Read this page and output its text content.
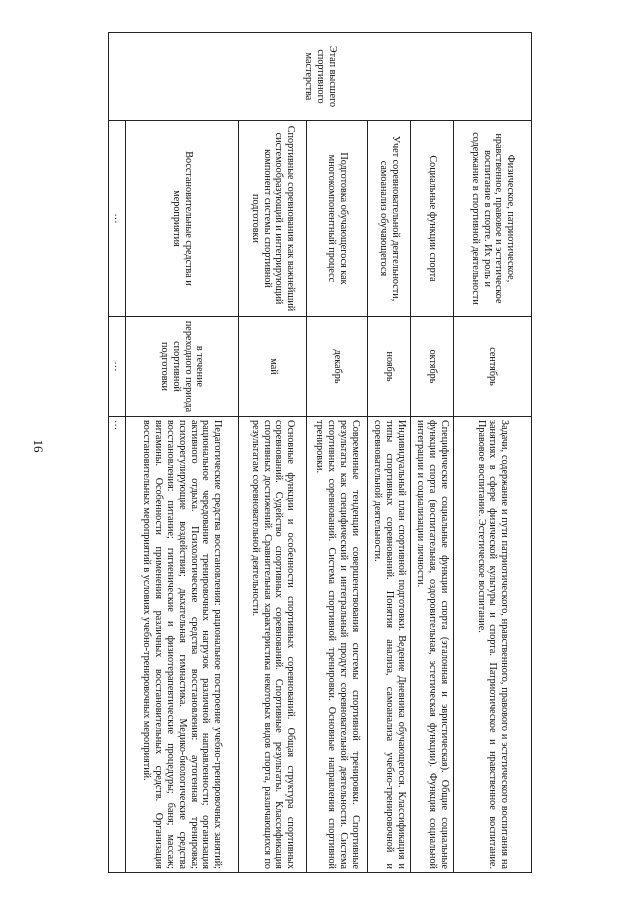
16
Этап высшего спортивного мастерства	Физическое, патриотическое, нравственное, правовое и эстетическое воспитание в спорте. Их роль и содержание в спортивной деятельности	сентябрь	Задачи, содержание и пути патриотического, нравственного, правового и эстетического воспитания на занятиях в сфере физической культуры и спорта. Патриотическое и нравственное воспитание. Правовое воспитание. Эстетическое воспитание.
	Социальные функции спорта	октябрь	Специфические социальные функции спорта (эталонная и эвристическая). Общие социальные функции спорта (воспитательная, оздоровительная, эстетическая функции). Функция социальной интеграции и социализации личности.
	Учет соревновательной деятельности, самоанализ обучающегося	ноябрь	Индивидуальный план спортивной подготовки. Ведение Дневника обучающегося. Классификация и типы спортивных соревнований. Понятия анализа, самоанализа учебно-тренировочной и соревновательной деятельности.
	Подготовка обучающегося как многокомпонентный процесс	декабрь	Современные тенденции совершенствования системы спортивной тренировки. Спортивные результаты как специфический и интегральный продукт соревновательной деятельности. Система спортивных соревнований. Система спортивной тренировки. Основные направления спортивной тренировки.
	Спортивные соревнования как важнейший системообразующий и интегрирующий компонент системы спортивной подготовки	май	Основные функции и особенности спортивных соревнований. Общая структура спортивных соревнований. Судейство спортивных соревнований. Спортивные результаты. Классификация спортивных достижений. Сравнительная характеристика некоторых видов спорта, различающихся по результатам соревновательной деятельности.
	Восстановительные средства и мероприятия	в течение переходного периода спортивной подготовки	Педагогические средства восстановления: рациональное построение учебно-тренировочных занятий; рациональное чередование тренировочных нагрузок различной направленности; организация активного отдыха. Психологические средства восстановления: аутогенная тренировка; психорегулирующие воздействия; дыхательная гимнастика. Медико-биологические средства восстановления: питание; гигиенические и физиотерапевтические процедуры; баня; массаж; витамины. Особенности применения различных восстановительных средств. Организация восстановительных мероприятий в условиях учебно-тренировочных мероприятий.
	…	…	…
